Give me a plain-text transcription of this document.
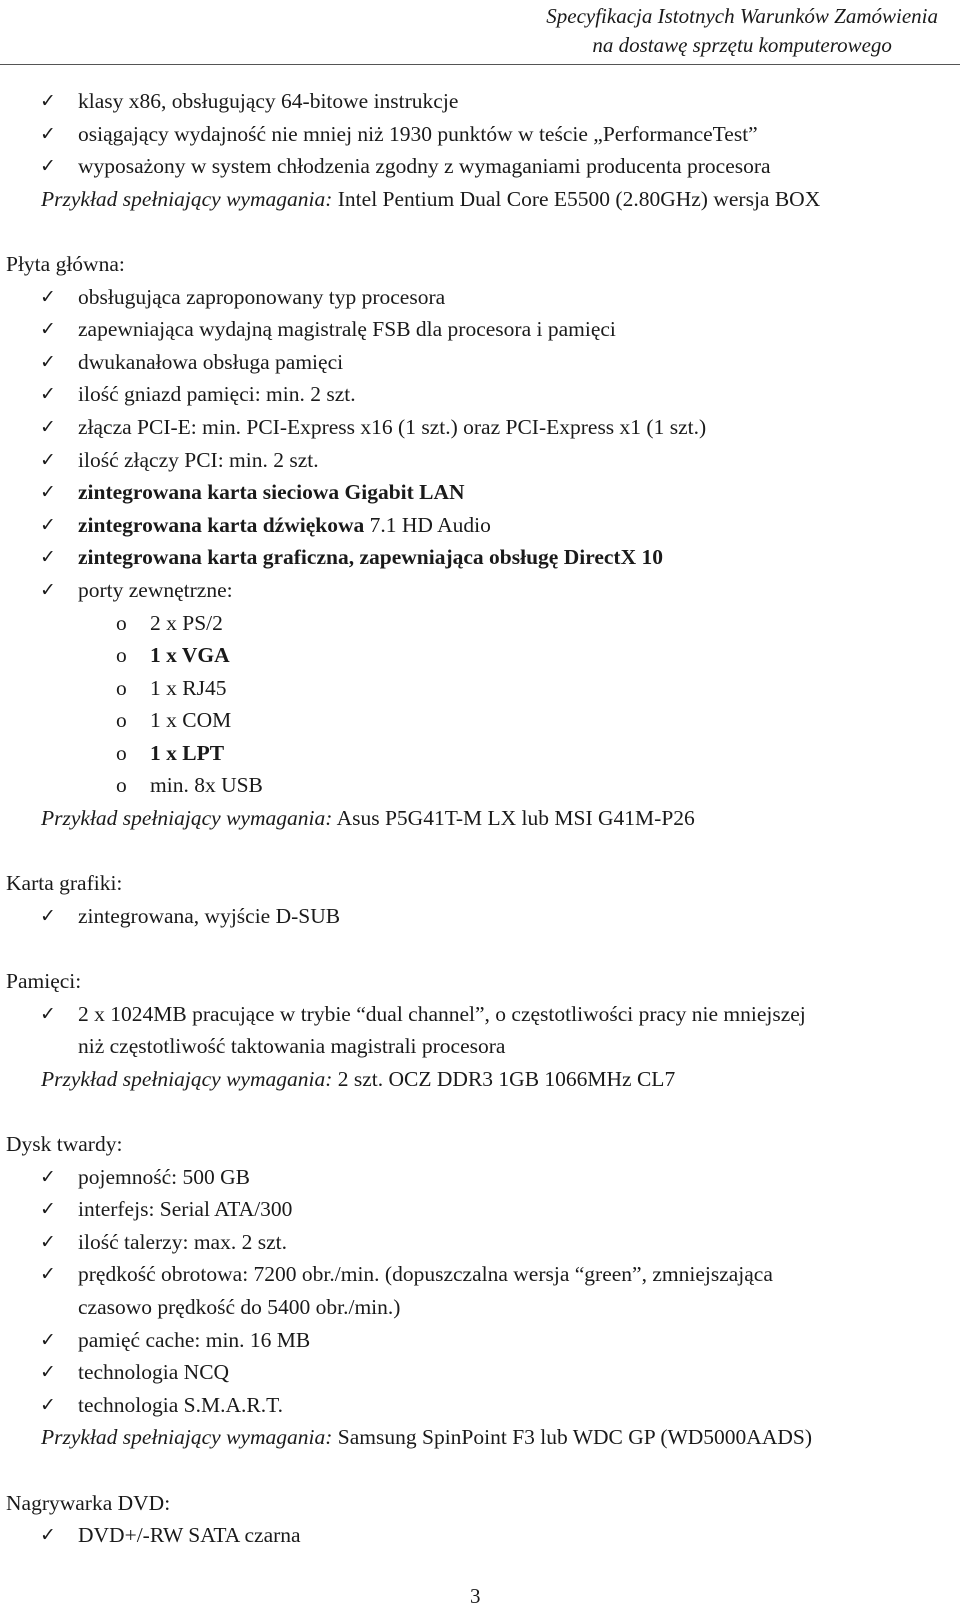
Specyfikacja Istotnych Warunków Zamówienia
na dostawę sprzętu komputerowego
✓ klasy x86, obsługujący 64-bitowe instrukcje
✓ osiągający wydajność nie mniej niż 1930 punktów w teście „PerformanceTest”
✓ wyposażony w system chłodzenia zgodny z wymaganiami producenta procesora
Przykład spełniający wymagania: Intel Pentium Dual Core E5500 (2.80GHz) wersja BOX
Płyta główna:
✓ obsługująca zaproponowany typ procesora
✓ zapewniająca wydajną magistralę FSB dla procesora i pamięci
✓ dwukanałowa obsługa pamięci
✓ ilość gniazd pamięci: min. 2 szt.
✓ złącza PCI-E: min. PCI-Express x16 (1 szt.) oraz PCI-Express x1 (1 szt.)
✓ ilość złączy PCI: min. 2 szt.
✓ zintegrowana karta sieciowa Gigabit LAN
✓ zintegrowana karta dźwiękowa 7.1 HD Audio
✓ zintegrowana karta graficzna, zapewniająca obsługę DirectX 10
✓ porty zewnętrzne:
o 2 x PS/2
o 1 x VGA
o 1 x RJ45
o 1 x COM
o 1 x LPT
o min. 8x USB
Przykład spełniający wymagania: Asus P5G41T-M LX lub MSI G41M-P26
Karta grafiki:
✓ zintegrowana, wyjście D-SUB
Pamięci:
✓ 2 x 1024MB pracujące w trybie “dual channel”, o częstotliwości pracy nie mniejszej
niż częstotliwość taktowania magistrali procesora
Przykład spełniający wymagania: 2 szt. OCZ DDR3 1GB 1066MHz CL7
Dysk twardy:
✓ pojemność: 500 GB
✓ interfejs: Serial ATA/300
✓ ilość talerzy: max. 2 szt.
✓ prędkość obrotowa: 7200 obr./min. (dopuszczalna wersja “green”, zmniejszająca
czasowo prędkość do 5400 obr./min.)
✓ pamięć cache: min. 16 MB
✓ technologia NCQ
✓ technologia S.M.A.R.T.
Przykład spełniający wymagania: Samsung SpinPoint F3 lub WDC GP (WD5000AADS)
Nagrywarka DVD:
✓ DVD+/-RW SATA czarna
3
